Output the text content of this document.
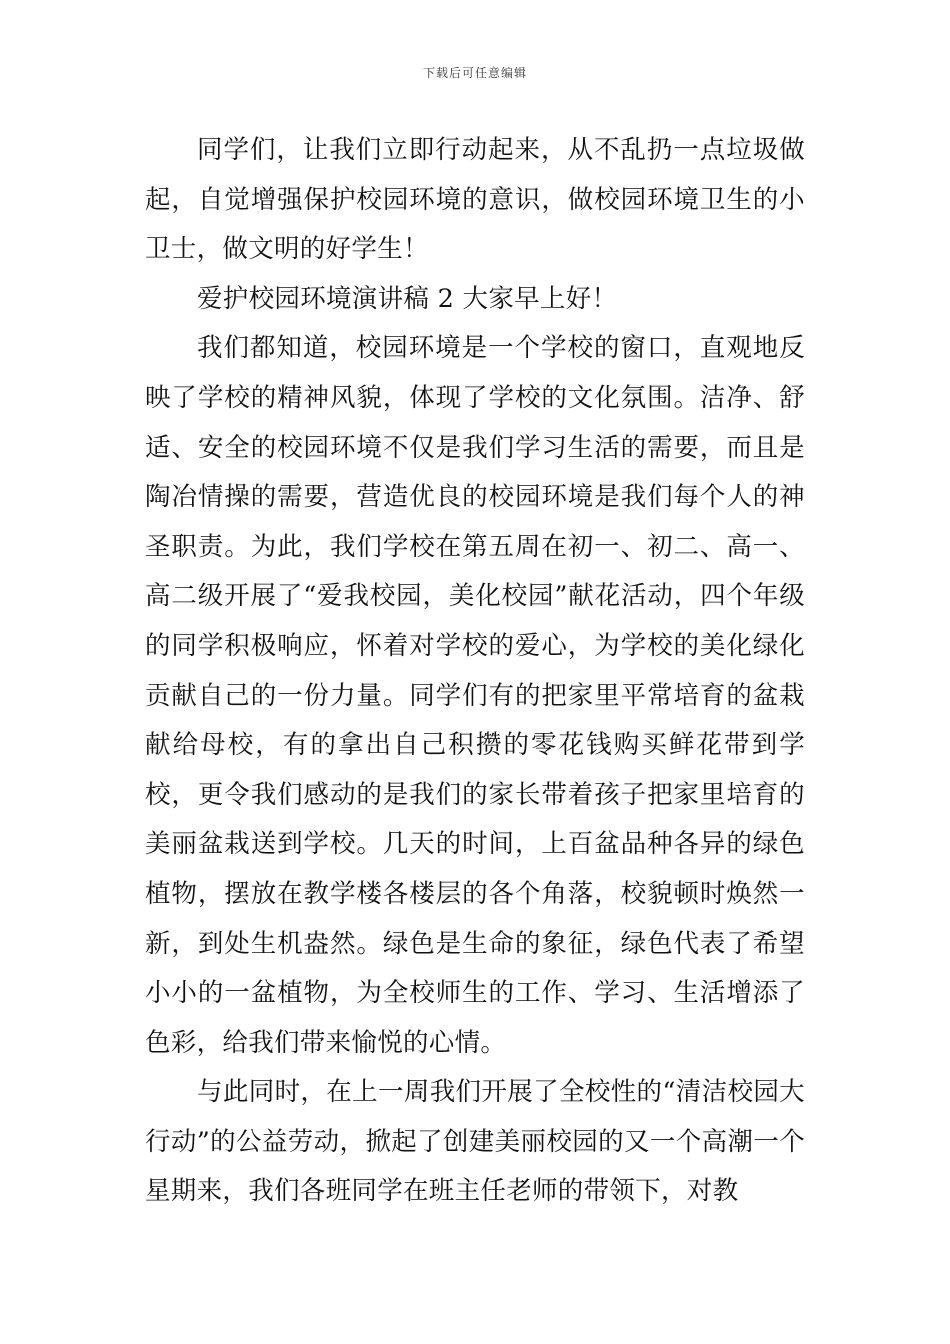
下载后可任意编辑

同学们，让我们立即行动起来，从不乱扔一点垃圾做起，自觉增强保护校园环境的意识，做校园环境卫生的小卫士，做文明的好学生！

爱护校园环境演讲稿 2 大家早上好！

我们都知道，校园环境是一个学校的窗口，直观地反映了学校的精神风貌，体现了学校的文化氛围。洁净、舒适、安全的校园环境不仅是我们学习生活的需要，而且是陶冶情操的需要，营造优良的校园环境是我们每个人的神圣职责。为此，我们学校在第五周在初一、初二、高一、高二级开展了“爱我校园，美化校园”献花活动，四个年级的同学积极响应，怀着对学校的爱心，为学校的美化绿化贡献自己的一份力量。同学们有的把家里平常培育的盆栽献给母校，有的拿出自己积攒的零花钱购买鲜花带到学校，更令我们感动的是我们的家长带着孩子把家里培育的美丽盆栽送到学校。几天的时间，上百盆品种各异的绿色植物，摆放在教学楼各楼层的各个角落，校貌顿时焕然一新，到处生机盎然。绿色是生命的象征，绿色代表了希望小小的一盆植物，为全校师生的工作、学习、生活增添了色彩，给我们带来愉悦的心情。

与此同时，在上一周我们开展了全校性的“清洁校园大行动”的公益劳动，掀起了创建美丽校园的又一个高潮一个星期来，我们各班同学在班主任老师的带领下，对教
